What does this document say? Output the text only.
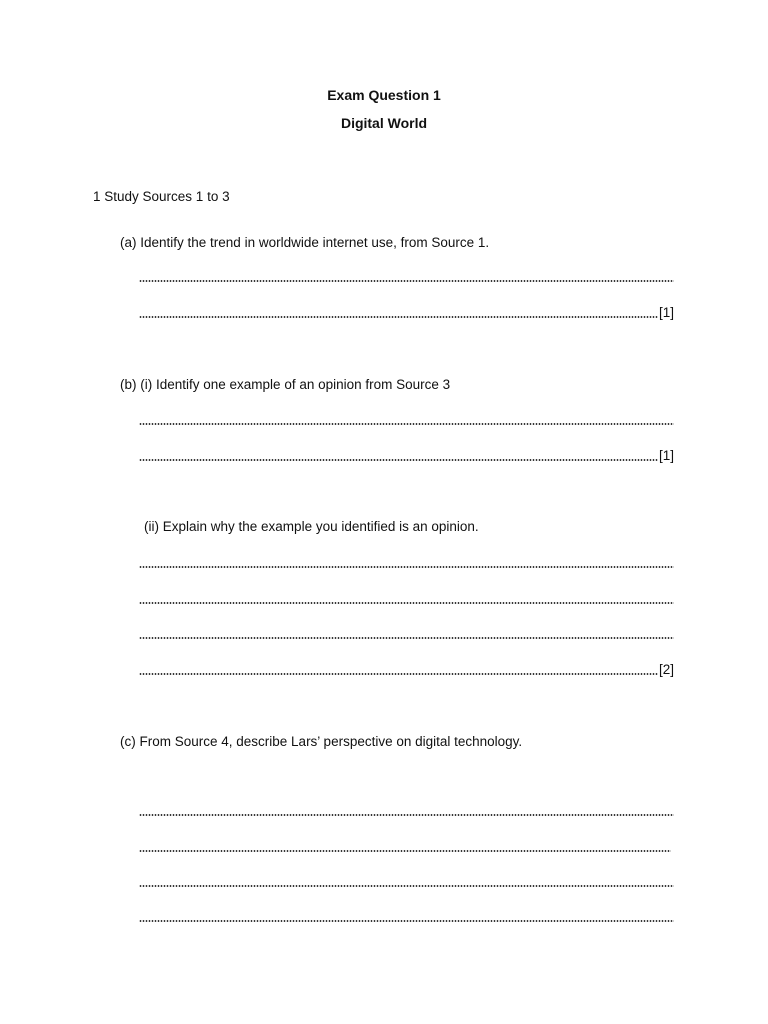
Exam Question 1
Digital World
1 Study Sources 1 to 3
(a) Identify the trend in worldwide internet use, from Source 1.
[1]
(b) (i) Identify one example of an opinion from Source 3
[1]
(ii) Explain why the example you identified is an opinion.
[2]
(c) From Source 4, describe Lars’ perspective on digital technology.
